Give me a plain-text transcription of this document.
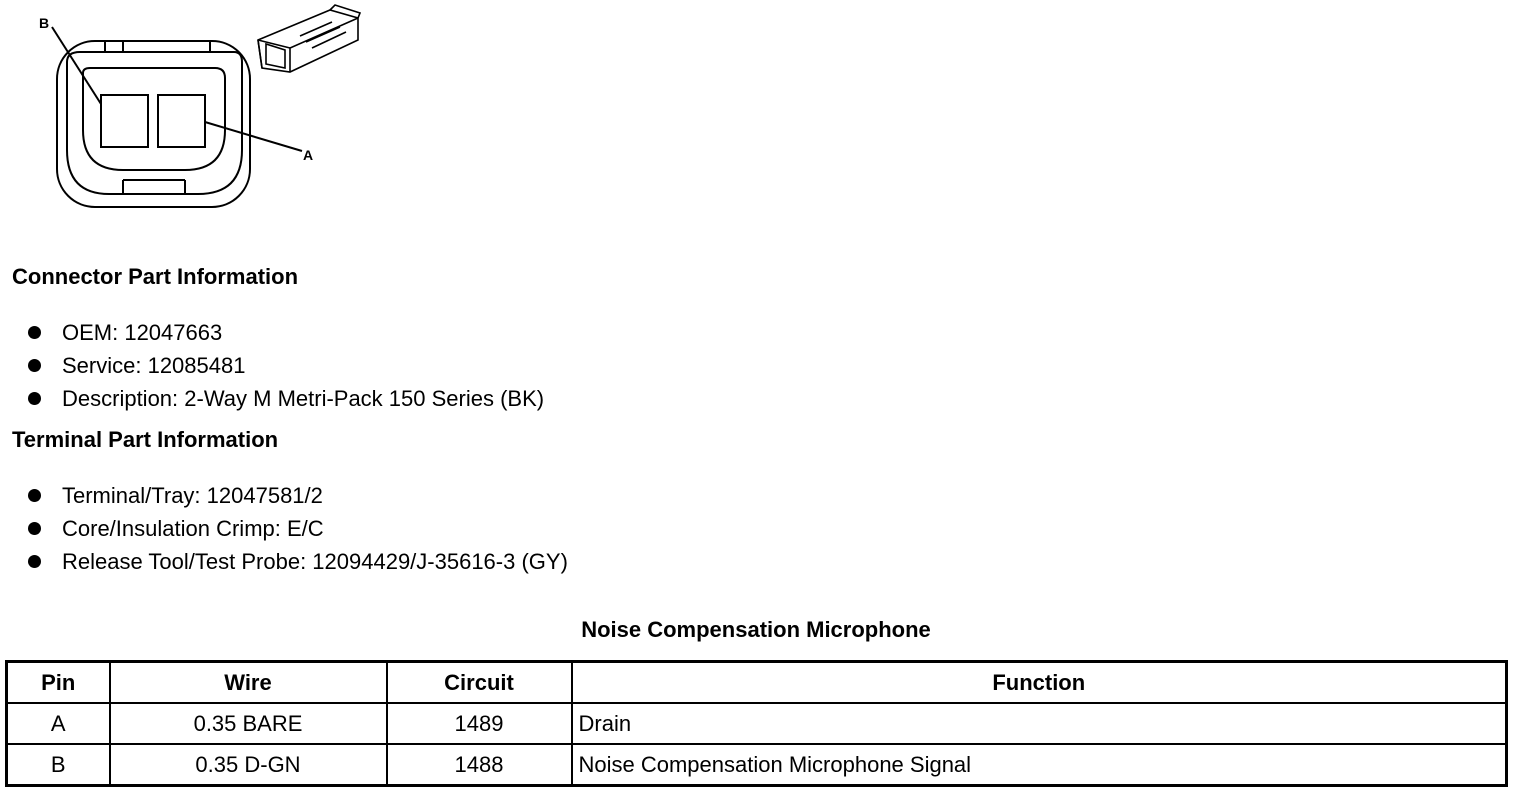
B
A
Connector Part Information
OEM: 12047663
Service: 12085481
Description: 2-Way M Metri-Pack 150 Series (BK)
Terminal Part Information
Terminal/Tray: 12047581/2
Core/Insulation Crimp: E/C
Release Tool/Test Probe: 12094429/J-35616-3 (GY)
Noise Compensation Microphone
Pin	Wire	Circuit	Function
A	0.35 BARE	1489	Drain
B	0.35 D-GN	1488	Noise Compensation Microphone Signal
